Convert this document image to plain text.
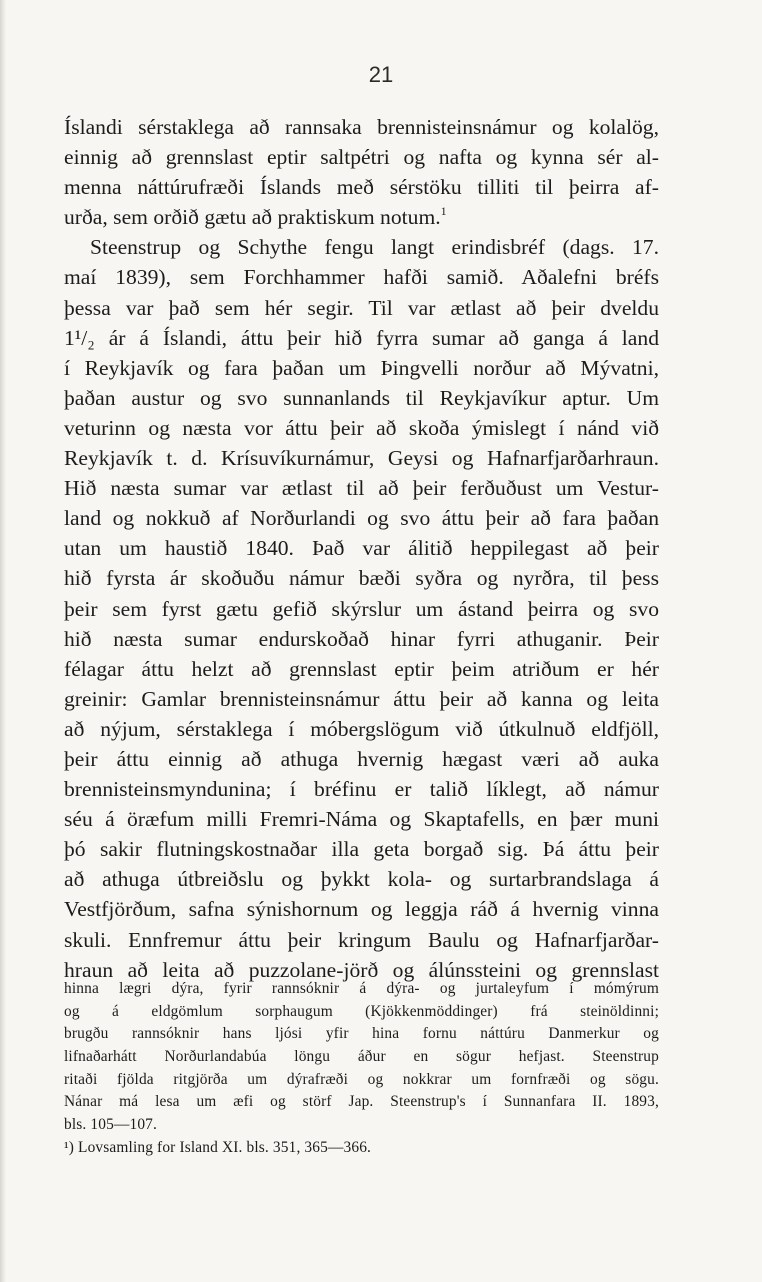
21
Íslandi sérstaklega að rannsaka brennisteinsnámur og kolalög,
einnig að grennslast eptir saltpétri og nafta og kynna sér al-
menna náttúrufræði Íslands með sérstöku tilliti til þeirra af-
urða, sem orðið gætu að praktiskum notum.$^1$
Steenstrup og Schythe fengu langt erindisbréf (dags. 17.
maí 1839), sem Forchhammer hafði samið. Aðalefni bréfs
þessa var það sem hér segir. Til var ætlast að þeir dveldu
1¹/₂ ár á Íslandi, áttu þeir hið fyrra sumar að ganga á land
í Reykjavík og fara þaðan um Þingvelli norður að Mývatni,
þaðan austur og svo sunnanlands til Reykjavíkur aptur. Um
veturinn og næsta vor áttu þeir að skoða ýmislegt í nánd við
Reykjavík t. d. Krísuvíkurnámur, Geysi og Hafnarfjarðarhraun.
Hið næsta sumar var ætlast til að þeir ferðuðust um Vestur-
land og nokkuð af Norðurlandi og svo áttu þeir að fara þaðan
utan um haustið 1840. Það var álitið heppilegast að þeir
hið fyrsta ár skoðuðu námur bæði syðra og nyrðra, til þess
þeir sem fyrst gætu gefið skýrslur um ástand þeirra og svo
hið næsta sumar endurskoðað hinar fyrri athuganir. Þeir
félagar áttu helzt að grennslast eptir þeim atriðum er hér
greinir: Gamlar brennisteinsnámur áttu þeir að kanna og leita
að nýjum, sérstaklega í móbergslögum við útkulnuð eldfjöll,
þeir áttu einnig að athuga hvernig hægast væri að auka
brennisteinsmyndunina; í bréfinu er talið líklegt, að námur
séu á öræfum milli Fremri-Náma og Skaptafells, en þær muni
þó sakir flutningskostnaðar illa geta borgað sig. Þá áttu þeir
að athuga útbreiðslu og þykkt kola- og surtarbrandslaga á
Vestfjörðum, safna sýnishornum og leggja ráð á hvernig vinna
skuli. Ennfremur áttu þeir kringum Baulu og Hafnarfjarðar-
hraun að leita að puzzolane-jörð og álúnssteini og grennslast
hinna lægri dýra, fyrir rannsóknir á dýra- og jurtaleyfum í mómýrum
og á eldgömlum sorphaugum (Kjökkenmöddinger) frá steinöldinni;
brugðu rannsóknir hans ljósi yfir hina fornu náttúru Danmerkur og
lifnaðarhátt Norðurlandabúa löngu áður en sögur hefjast. Steenstrup
ritaði fjölda ritgjörða um dýrafræði og nokkrar um fornfræði og sögu.
Nánar má lesa um æfi og störf Jap. Steenstrup's í Sunnanfara II. 1893,
bls. 105—107.
¹) Lovsamling for Island XI. bls. 351, 365—366.
